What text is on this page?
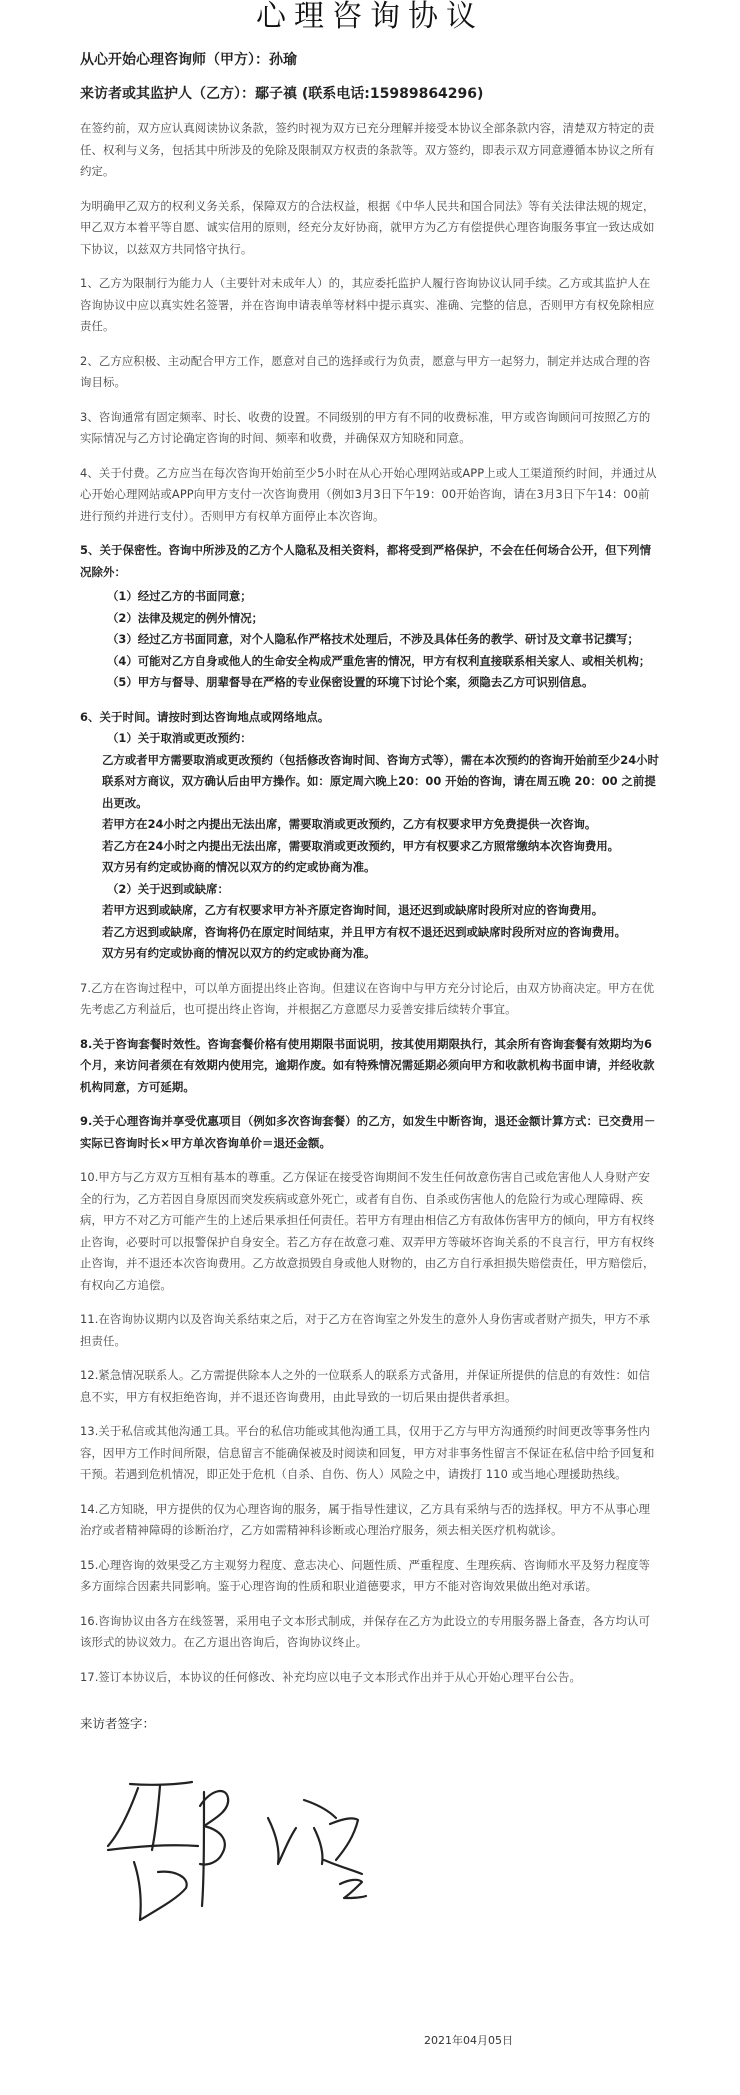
心理咨询协议

从心开始心理咨询师（甲方）：孙瑜

来访者或其监护人（乙方）：鄢子禛 (联系电话:15989864296)

在签约前，双方应认真阅读协议条款，签约时视为双方已充分理解并接受本协议全部条款内容，清楚双方特定的责任、权利与义务，包括其中所涉及的免除及限制双方权责的条款等。双方签约，即表示双方同意遵循本协议之所有约定。

为明确甲乙双方的权利义务关系，保障双方的合法权益，根据《中华人民共和国合同法》等有关法律法规的规定，甲乙双方本着平等自愿、诚实信用的原则，经充分友好协商，就甲方为乙方有偿提供心理咨询服务事宜一致达成如下协议，以兹双方共同恪守执行。

1、乙方为限制行为能力人（主要针对未成年人）的，其应委托监护人履行咨询协议认同手续。乙方或其监护人在咨询协议中应以真实姓名签署，并在咨询申请表单等材料中提示真实、准确、完整的信息，否则甲方有权免除相应责任。

2、乙方应积极、主动配合甲方工作，愿意对自己的选择或行为负责，愿意与甲方一起努力，制定并达成合理的咨询目标。

3、咨询通常有固定频率、时长、收费的设置。不同级别的甲方有不同的收费标准，甲方或咨询顾问可按照乙方的实际情况与乙方讨论确定咨询的时间、频率和收费，并确保双方知晓和同意。

4、关于付费。乙方应当在每次咨询开始前至少5小时在从心开始心理网站或APP上或人工渠道预约时间，并通过从心开始心理网站或APP向甲方支付一次咨询费用（例如3月3日下午19：00开始咨询，请在3月3日下午14：00前进行预约并进行支付）。否则甲方有权单方面停止本次咨询。

5、关于保密性。咨询中所涉及的乙方个人隐私及相关资料，都将受到严格保护，不会在任何场合公开，但下列情况除外：

（1）经过乙方的书面同意；

（2）法律及规定的例外情况；

（3）经过乙方书面同意，对个人隐私作严格技术处理后，不涉及具体任务的教学、研讨及文章书记撰写；

（4）可能对乙方自身或他人的生命安全构成严重危害的情况，甲方有权利直接联系相关家人、或相关机构；

（5）甲方与督导、朋辈督导在严格的专业保密设置的环境下讨论个案，须隐去乙方可识别信息。

6、关于时间。请按时到达咨询地点或网络地点。

（1）关于取消或更改预约：

乙方或者甲方需要取消或更改预约（包括修改咨询时间、咨询方式等），需在本次预约的咨询开始前至少24小时联系对方商议，双方确认后由甲方操作。如：原定周六晚上20：00 开始的咨询，请在周五晚 20：00 之前提出更改。

若甲方在24小时之内提出无法出席，需要取消或更改预约，乙方有权要求甲方免费提供一次咨询。

若乙方在24小时之内提出无法出席，需要取消或更改预约，甲方有权要求乙方照常缴纳本次咨询费用。

双方另有约定或协商的情况以双方的约定或协商为准。

（2）关于迟到或缺席：

若甲方迟到或缺席，乙方有权要求甲方补齐原定咨询时间，退还迟到或缺席时段所对应的咨询费用。

若乙方迟到或缺席，咨询将仍在原定时间结束，并且甲方有权不退还迟到或缺席时段所对应的咨询费用。

双方另有约定或协商的情况以双方的约定或协商为准。

7.乙方在咨询过程中，可以单方面提出终止咨询。但建议在咨询中与甲方充分讨论后，由双方协商决定。甲方在优先考虑乙方利益后，也可提出终止咨询，并根据乙方意愿尽力妥善安排后续转介事宜。

8.关于咨询套餐时效性。咨询套餐价格有使用期限书面说明，按其使用期限执行，其余所有咨询套餐有效期均为6个月，来访问者须在有效期内使用完，逾期作废。如有特殊情况需延期必须向甲方和收款机构书面申请，并经收款机构同意，方可延期。

9.关于心理咨询并享受优惠项目（例如多次咨询套餐）的乙方，如发生中断咨询，退还金额计算方式：已交费用－实际已咨询时长×甲方单次咨询单价＝退还金额。

10.甲方与乙方双方互相有基本的尊重。乙方保证在接受咨询期间不发生任何故意伤害自己或危害他人人身财产安全的行为，乙方若因自身原因而突发疾病或意外死亡，或者有自伤、自杀或伤害他人的危险行为或心理障碍、疾病，甲方不对乙方可能产生的上述后果承担任何责任。若甲方有理由相信乙方有敌体伤害甲方的倾向，甲方有权终止咨询，必要时可以报警保护自身安全。若乙方存在故意刁难、双弄甲方等破坏咨询关系的不良言行，甲方有权终止咨询，并不退还本次咨询费用。乙方故意损毁自身或他人财物的，由乙方自行承担损失赔偿责任，甲方赔偿后，有权向乙方追偿。

11.在咨询协议期内以及咨询关系结束之后，对于乙方在咨询室之外发生的意外人身伤害或者财产损失，甲方不承担责任。

12.紧急情况联系人。乙方需提供除本人之外的一位联系人的联系方式备用，并保证所提供的信息的有效性：如信息不实，甲方有权拒绝咨询，并不退还咨询费用，由此导致的一切后果由提供者承担。

13.关于私信或其他沟通工具。平台的私信功能或其他沟通工具，仅用于乙方与甲方沟通预约时间更改等事务性内容，因甲方工作时间所限，信息留言不能确保被及时阅读和回复，甲方对非事务性留言不保证在私信中给予回复和干预。若遇到危机情况，即正处于危机（自杀、自伤、伤人）风险之中，请拨打 110 或当地心理援助热线。

14.乙方知晓，甲方提供的仅为心理咨询的服务，属于指导性建议，乙方具有采纳与否的选择权。甲方不从事心理治疗或者精神障碍的诊断治疗，乙方如需精神科诊断或心理治疗服务，须去相关医疗机构就诊。

15.心理咨询的效果受乙方主观努力程度、意志决心、问题性质、严重程度、生理疾病、咨询师水平及努力程度等多方面综合因素共同影响。鉴于心理咨询的性质和职业道德要求，甲方不能对咨询效果做出绝对承诺。

16.咨询协议由各方在线签署，采用电子文本形式制成，并保存在乙方为此设立的专用服务器上备查，各方均认可该形式的协议效力。在乙方退出咨询后，咨询协议终止。

17.签订本协议后，本协议的任何修改、补充均应以电子文本形式作出并于从心开始心理平台公告。

来访者签字：

2021年04月05日
